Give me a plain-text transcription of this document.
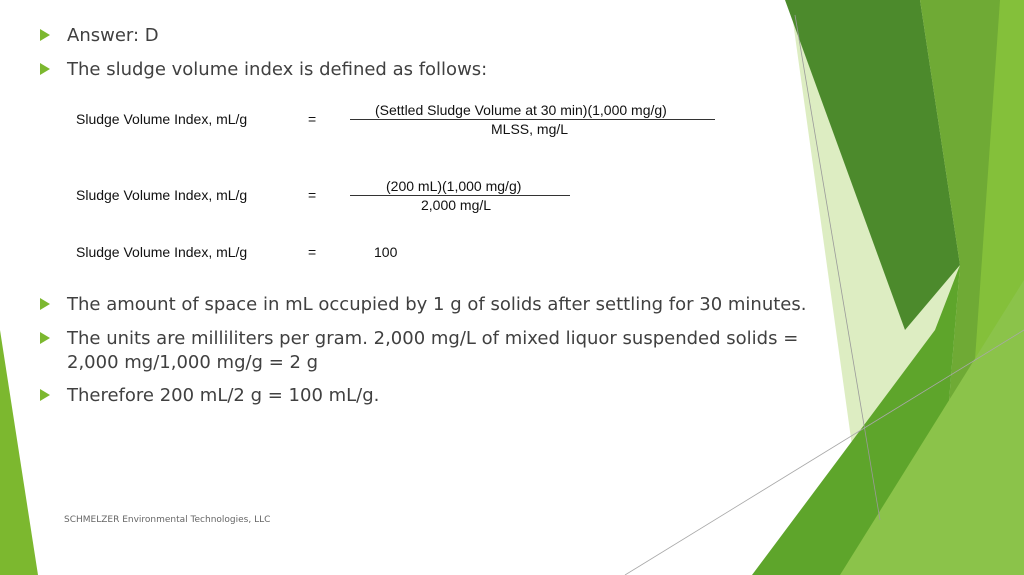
Answer: D
The sludge volume index is defined as follows:
Sludge Volume Index, mL/g	=
(Settled Sludge Volume at 30 min)(1,000 mg/g)
MLSS, mg/L
Sludge Volume Index, mL/g	=
(200 mL)(1,000 mg/g)
2,000 mg/L
Sludge Volume Index, mL/g	=	100
The amount of space in mL occupied by 1 g of solids after settling for 30 minutes.
The units are milliliters per gram. 2,000 mg/L of mixed liquor suspended solids = 2,000 mg/1,000 mg/g = 2 g
Therefore 200 mL/2 g = 100 mL/g.
SCHMELZER Environmental Technologies, LLC
